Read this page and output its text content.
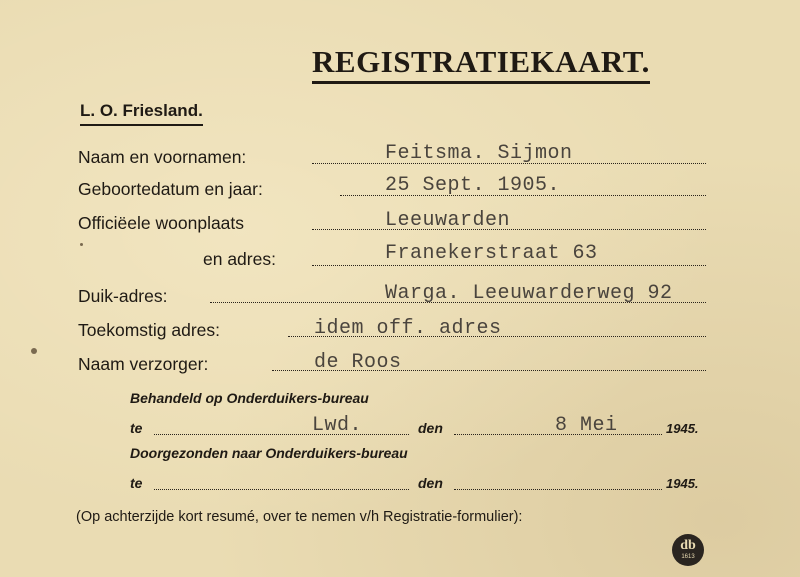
REGISTRATIEKAART.
L. O. Friesland.
Naam en voornamen:	Feitsma. Sijmon
Geboortedatum en jaar:	25 Sept. 1905.
Officiëele woonplaats	Leeuwarden
en adres:	Franekerstraat 63
Duik-adres:	Warga. Leeuwarderweg 92
Toekomstig adres:	idem off. adres
Naam verzorger:	de Roos
Behandeld op Onderduikers-bureau
te	Lwd.	den	8 Mei	1945.
Doorgezonden naar Onderduikers-bureau
te	den	1945.
(Op achterzijde kort resumé, over te nemen v/h Registratie-formulier):
db
1613
